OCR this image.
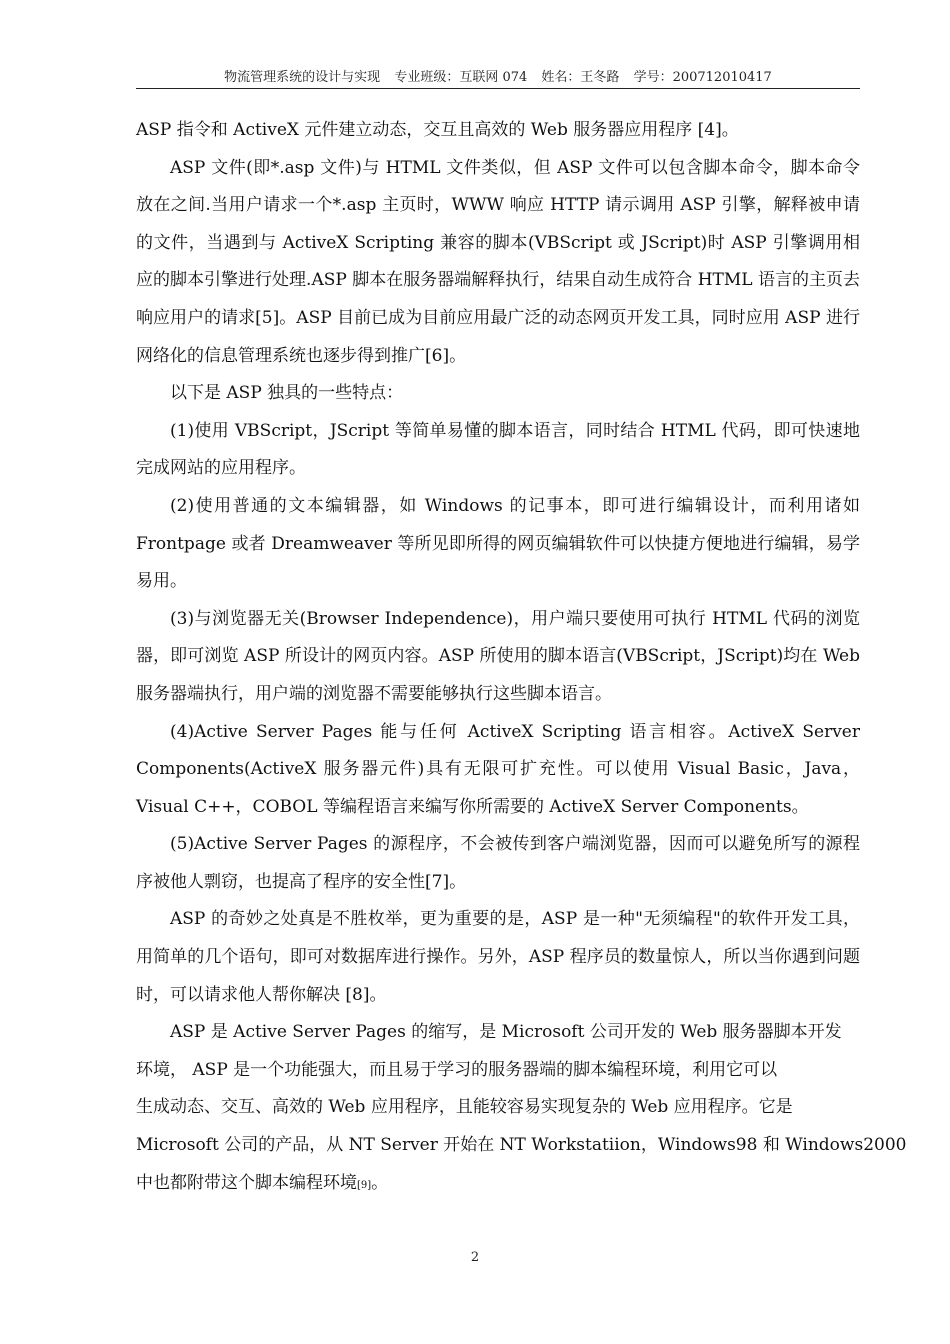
物流管理系统的设计与实现 专业班级：互联网 074 姓名：王冬路 学号：200712010417

ASP 指令和 ActiveX 元件建立动态，交互且高效的 Web 服务器应用程序 [4]。

ASP 文件(即*.asp 文件)与 HTML 文件类似，但 ASP 文件可以包含脚本命令，脚本命令放在之间.当用户请求一个*.asp 主页时，WWW 响应 HTTP 请示调用 ASP 引擎，解释被申请的文件，当遇到与 ActiveX Scripting 兼容的脚本(VBScript 或 JScript)时 ASP 引擎调用相应的脚本引擎进行处理.ASP 脚本在服务器端解释执行，结果自动生成符合 HTML 语言的主页去响应用户的请求[5]。ASP 目前已成为目前应用最广泛的动态网页开发工具，同时应用 ASP 进行网络化的信息管理系统也逐步得到推广[6]。

以下是 ASP 独具的一些特点：

(1)使用 VBScript，JScript 等简单易懂的脚本语言，同时结合 HTML 代码，即可快速地完成网站的应用程序。

(2)使用普通的文本编辑器，如 Windows 的记事本，即可进行编辑设计，而利用诸如 Frontpage 或者 Dreamweaver 等所见即所得的网页编辑软件可以快捷方便地进行编辑，易学易用。

(3)与浏览器无关(Browser Independence)，用户端只要使用可执行 HTML 代码的浏览器，即可浏览 ASP 所设计的网页内容。ASP 所使用的脚本语言(VBScript，JScript)均在 Web 服务器端执行，用户端的浏览器不需要能够执行这些脚本语言。

(4)Active Server Pages 能与任何 ActiveX Scripting 语言相容。ActiveX Server Components(ActiveX 服务器元件)具有无限可扩充性。可以使用 Visual Basic，Java，Visual C++，COBOL 等编程语言来编写你所需要的 ActiveX Server Components。

(5)Active Server Pages 的源程序，不会被传到客户端浏览器，因而可以避免所写的源程序被他人剽窃，也提高了程序的安全性[7]。

ASP 的奇妙之处真是不胜枚举，更为重要的是，ASP 是一种"无须编程"的软件开发工具，用简单的几个语句，即可对数据库进行操作。另外，ASP 程序员的数量惊人，所以当你遇到问题时，可以请求他人帮你解决 [8]。

ASP 是 Active Server Pages 的缩写，是 Microsoft 公司开发的 Web 服务器脚本开发
环境， ASP 是一个功能强大，而且易于学习的服务器端的脚本编程环境，利用它可以
生成动态、交互、高效的 Web 应用程序，且能较容易实现复杂的 Web 应用程序。它是
Microsoft 公司的产品，从 NT Server 开始在 NT Workstatiion，Windows98 和 Windows2000
中也都附带这个脚本编程环境[9]。

2
